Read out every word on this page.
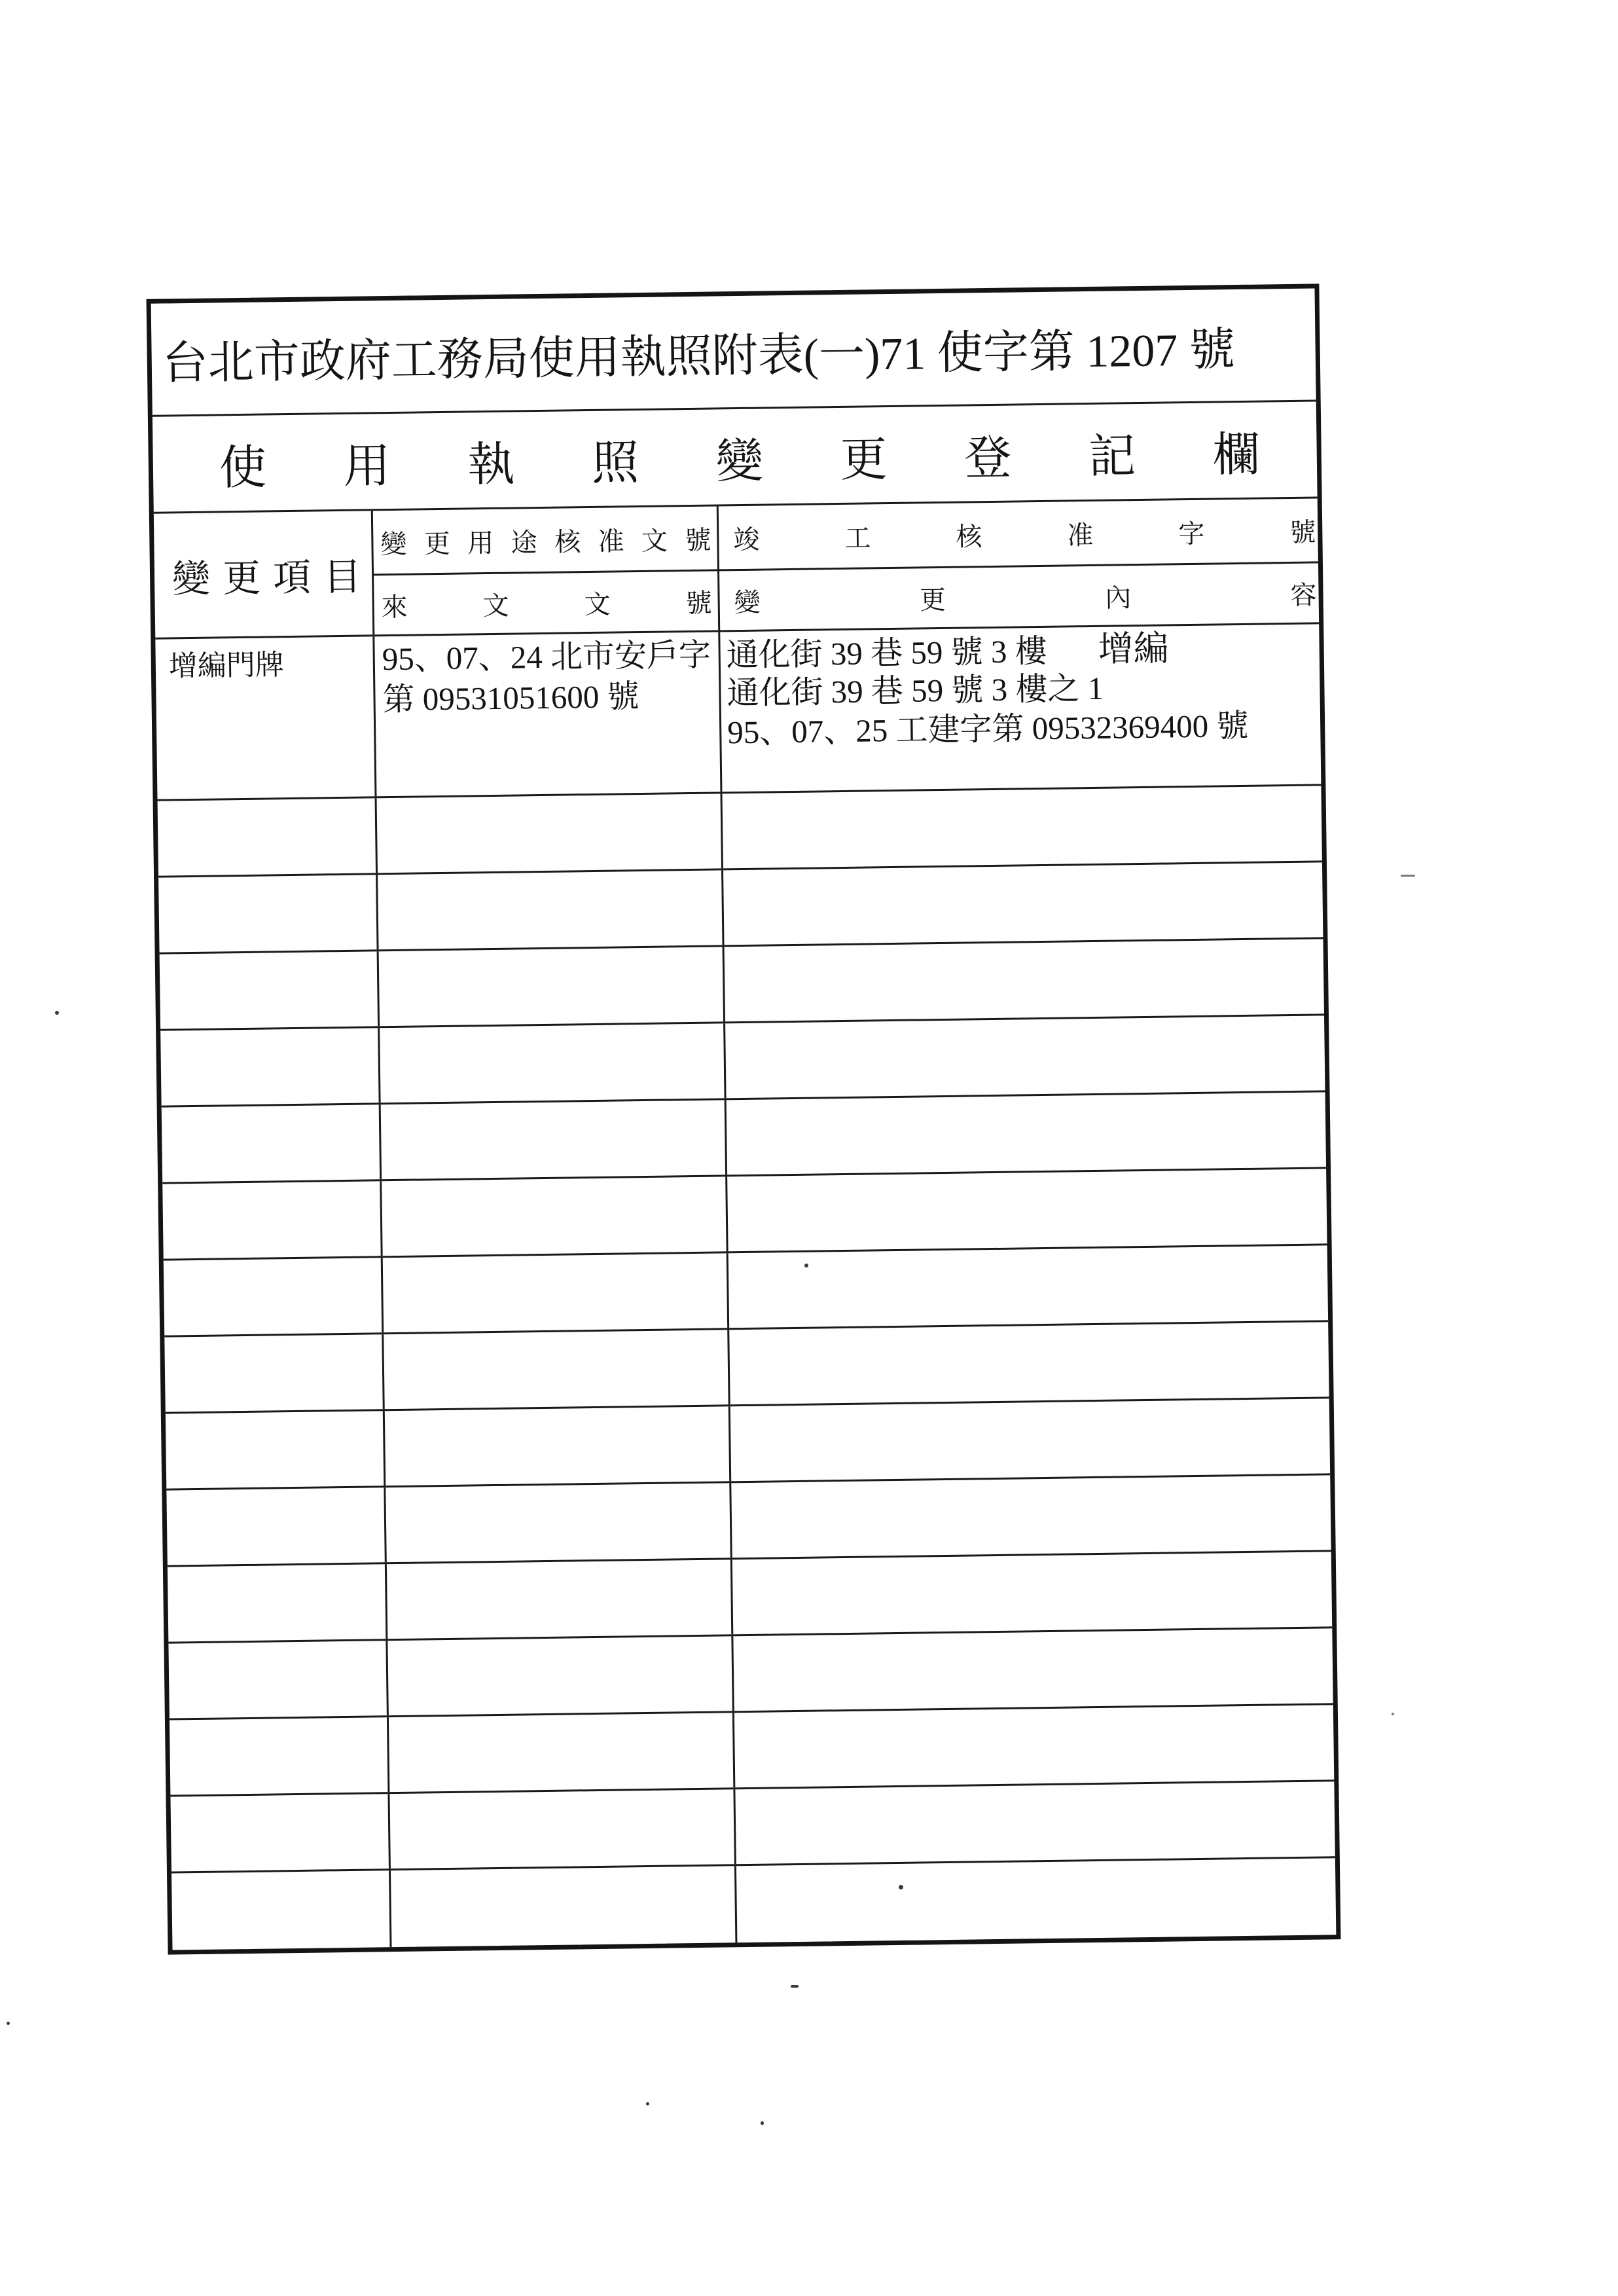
台北市政府工務局使用執照附表(一)71 使字第 1207 號
使 用 執 照 變 更 登 記 欄
變 更 項 目
變 更 用 途 核 准 文 號 竣 工 核 准 字 號
來 文 文 號 變 更 內 容
增編門牌	95、07、24 北市安戶字
第 09531051600 號
通化街 39 巷 59 號 3 樓 增編
通化街 39 巷 59 號 3 樓之 1
95、07、25 工建字第 09532369400 號
